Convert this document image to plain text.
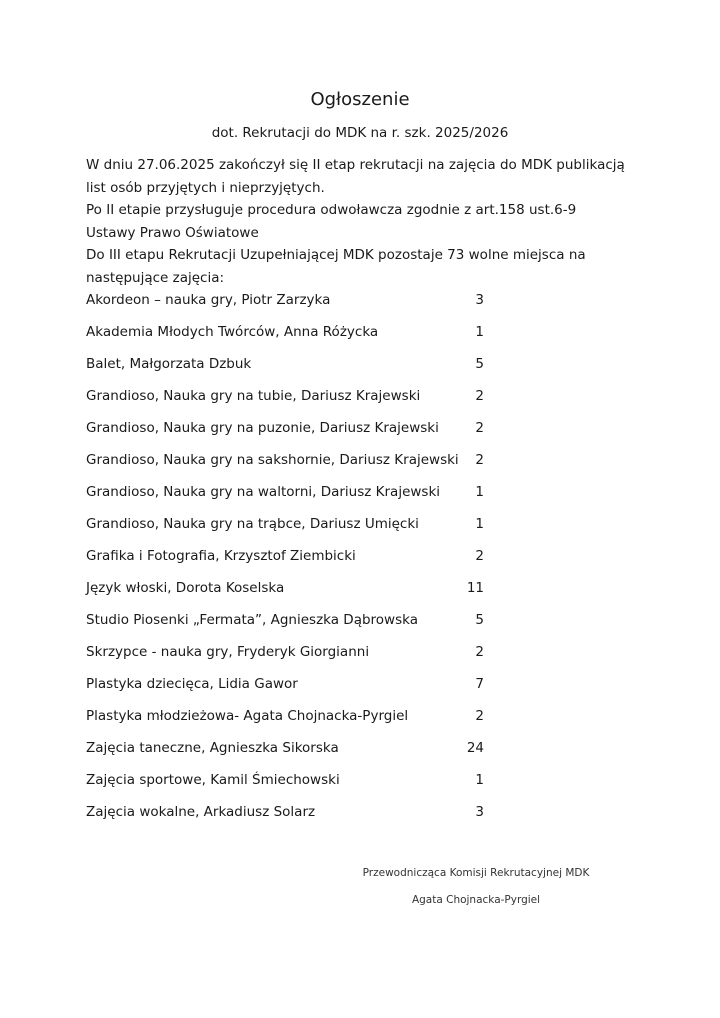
Ogłoszenie
dot. Rekrutacji do MDK na r. szk. 2025/2026
W dniu 27.06.2025 zakończył się II etap rekrutacji na zajęcia do MDK publikacją
list osób przyjętych i nieprzyjętych.
Po II etapie przysługuje procedura odwoławcza zgodnie z art.158 ust.6-9
Ustawy Prawo Oświatowe
Do III etapu Rekrutacji Uzupełniającej MDK pozostaje 73 wolne miejsca na
następujące zajęcia:
Akordeon – nauka gry, Piotr Zarzyka	3
Akademia Młodych Twórców, Anna Różycka	1
Balet, Małgorzata Dzbuk	5
Grandioso, Nauka gry na tubie, Dariusz Krajewski	2
Grandioso, Nauka gry na puzonie, Dariusz Krajewski	2
Grandioso, Nauka gry na sakshornie, Dariusz Krajewski 2
Grandioso, Nauka gry na waltorni, Dariusz Krajewski	1
Grandioso, Nauka gry na trąbce, Dariusz Umięcki	1
Grafika i Fotografia, Krzysztof Ziembicki	2
Język włoski, Dorota Koselska	11
Studio Piosenki „Fermata”, Agnieszka Dąbrowska	5
Skrzypce - nauka gry, Fryderyk Giorgianni	2
Plastyka dziecięca, Lidia Gawor	7
Plastyka młodzieżowa- Agata Chojnacka-Pyrgiel	2
Zajęcia taneczne, Agnieszka Sikorska	24
Zajęcia sportowe, Kamil Śmiechowski	1
Zajęcia wokalne, Arkadiusz Solarz	3
Przewodnicząca Komisji Rekrutacyjnej MDK
Agata Chojnacka-Pyrgiel
